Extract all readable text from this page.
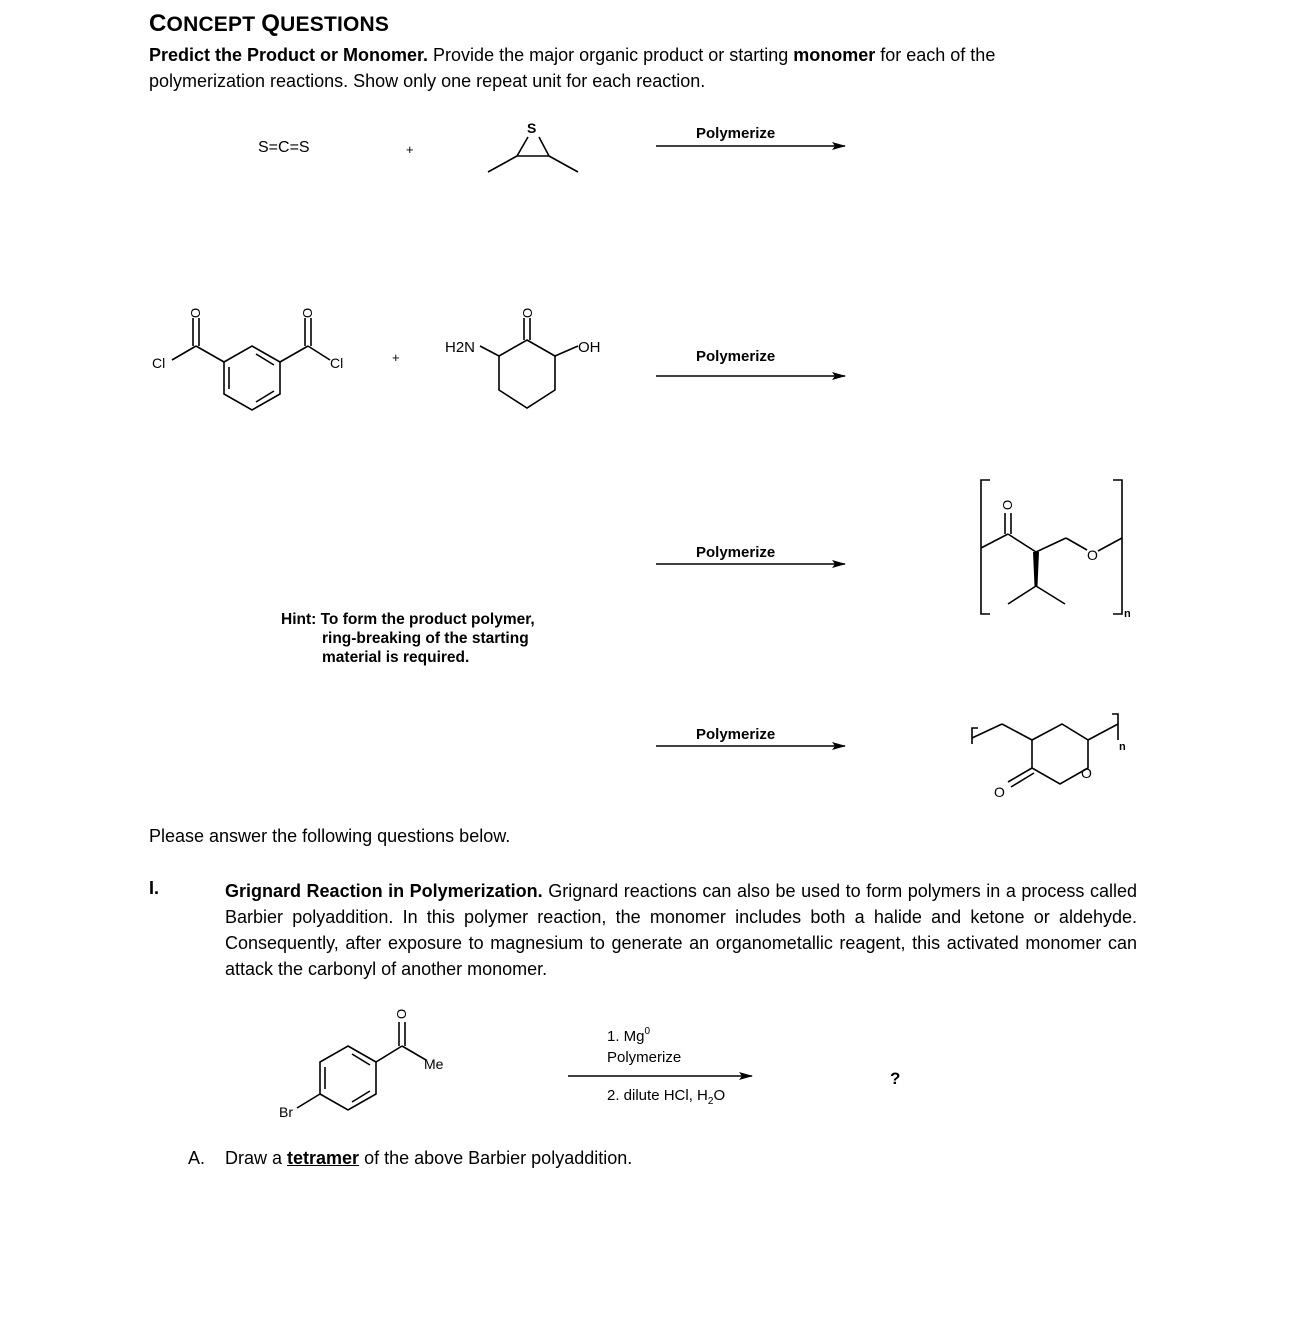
CONCEPT QUESTIONS
Predict the Product or Monomer. Provide the major organic product or starting monomer for each of the polymerization reactions. Show only one repeat unit for each reaction.
S=C=S	+
S	Polymerize
O	O
Cl	Cl	+
O
H2N	OH
Polymerize
Polymerize
O
O
n
Polymerize
O
O
n
O
Me
Br
1. Mg$^0$
Polymerize
2. dilute HCl, $H_2O$
?
Hint: To form the product polymer,
ring-breaking of the starting
material is required.
Please answer the following questions below.
I.	Grignard Reaction in Polymerization. Grignard reactions can also be used to form polymers in a process called Barbier polyaddition. In this polymer reaction, the monomer includes both a halide and ketone or aldehyde. Consequently, after exposure to magnesium to generate an organometallic reagent, this activated monomer can attack the carbonyl of another monomer.
A. Draw a tetramer of the above Barbier polyaddition.
